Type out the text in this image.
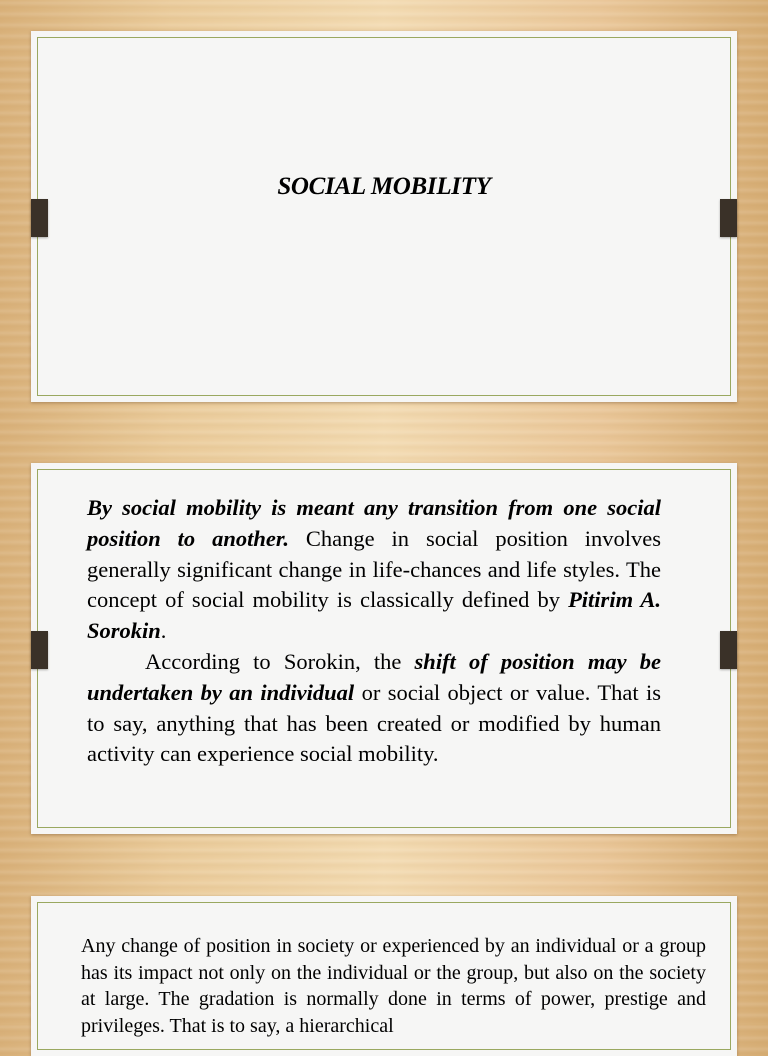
SOCIAL MOBILITY

By social mobility is meant any transition from one social position to another. Change in social position involves generally significant change in life-chances and life styles. The concept of social mobility is classically defined by Pitirim A. Sorokin.

According to Sorokin, the shift of position may be undertaken by an individual or social object or value. That is to say, anything that has been created or modified by human activity can experience social mobility.

Any change of position in society or experienced by an individual or a group has its impact not only on the individual or the group, but also on the society at large. The gradation is normally done in terms of power, prestige and privileges. That is to say, a hierarchical
